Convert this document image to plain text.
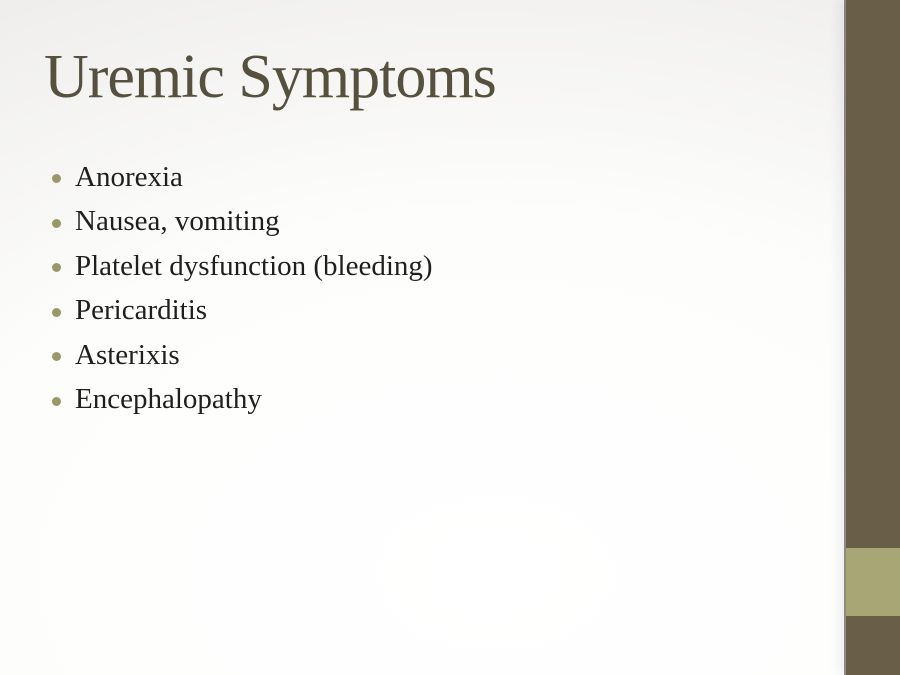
Uremic Symptoms
Anorexia
Nausea, vomiting
Platelet dysfunction (bleeding)
Pericarditis
Asterixis
Encephalopathy
